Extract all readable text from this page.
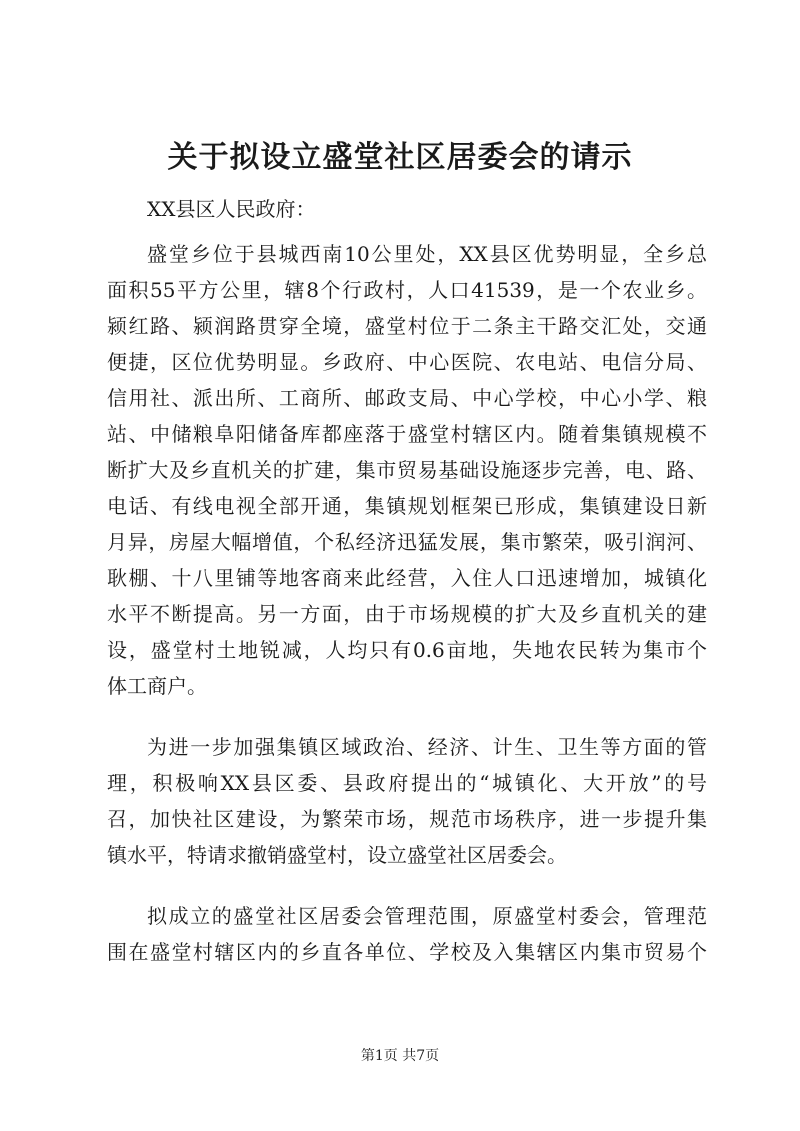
关于拟设立盛堂社区居委会的请示

XX县区人民政府：

盛堂乡位于县城西南10公里处，XX县区优势明显，全乡总

面积55平方公里，辖8个行政村，人口41539，是一个农业乡。

颍红路、颍润路贯穿全境，盛堂村位于二条主干路交汇处，交通

便捷，区位优势明显。乡政府、中心医院、农电站、电信分局、

信用社、派出所、工商所、邮政支局、中心学校，中心小学、粮

站、中储粮阜阳储备库都座落于盛堂村辖区内。随着集镇规模不

断扩大及乡直机关的扩建，集市贸易基础设施逐步完善，电、路、

电话、有线电视全部开通，集镇规划框架已形成，集镇建设日新

月异，房屋大幅增值，个私经济迅猛发展，集市繁荣，吸引润河、

耿棚、十八里铺等地客商来此经营，入住人口迅速增加，城镇化

水平不断提高。另一方面，由于市场规模的扩大及乡直机关的建

设，盛堂村土地锐减，人均只有0.6亩地，失地农民转为集市个

体工商户。

为进一步加强集镇区域政治、经济、计生、卫生等方面的管

理，积极响XX县区委、县政府提出的“城镇化、大开放”的号

召，加快社区建设，为繁荣市场，规范市场秩序，进一步提升集

镇水平，特请求撤销盛堂村，设立盛堂社区居委会。

拟成立的盛堂社区居委会管理范围，原盛堂村委会，管理范

围在盛堂村辖区内的乡直各单位、学校及入集辖区内集市贸易个

第1页 共7页
